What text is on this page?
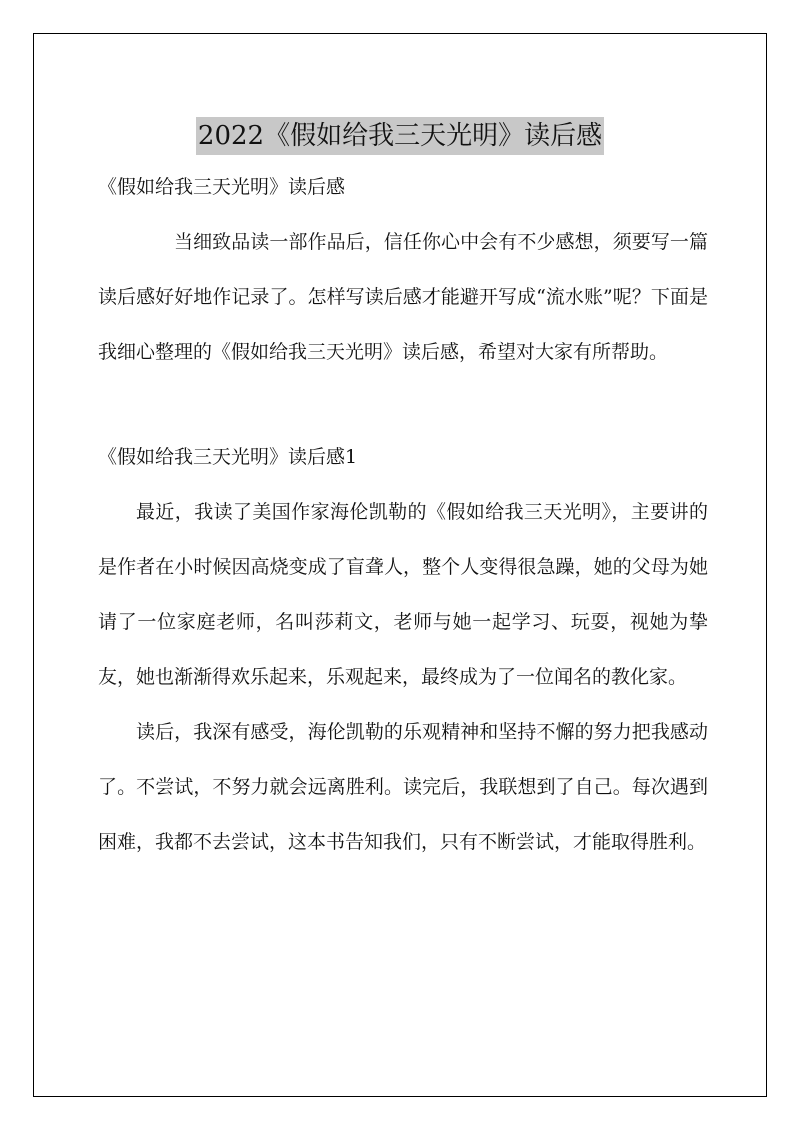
2022《假如给我三天光明》读后感

《假如给我三天光明》读后感

当细致品读一部作品后，信任你心中会有不少感想，须要写一篇读后感好好地作记录了。怎样写读后感才能避开写成“流水账”呢？下面是我细心整理的《假如给我三天光明》读后感，希望对大家有所帮助。

《假如给我三天光明》读后感1

最近，我读了美国作家海伦凯勒的《假如给我三天光明》，主要讲的是作者在小时候因高烧变成了盲聋人，整个人变得很急躁，她的父母为她请了一位家庭老师，名叫莎莉文，老师与她一起学习、玩耍，视她为挚友，她也渐渐得欢乐起来，乐观起来，最终成为了一位闻名的教化家。

读后，我深有感受，海伦凯勒的乐观精神和坚持不懈的努力把我感动了。不尝试，不努力就会远离胜利。读完后，我联想到了自己。每次遇到困难，我都不去尝试，这本书告知我们，只有不断尝试，才能取得胜利。
